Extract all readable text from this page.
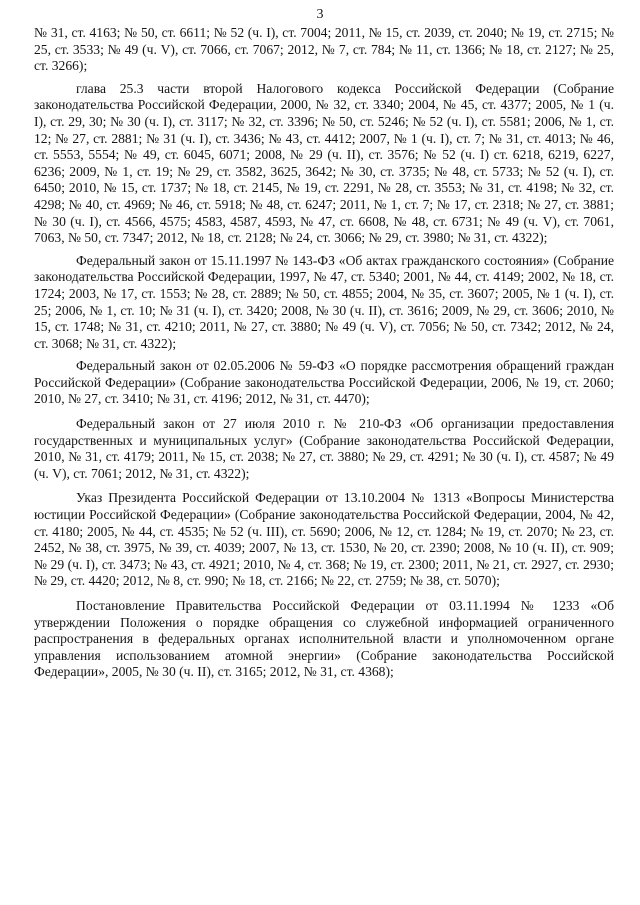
3

№ 31, ст. 4163; № 50, ст. 6611; № 52 (ч. I), ст. 7004; 2011, № 15, ст. 2039, ст. 2040; № 19, ст. 2715; № 25, ст. 3533; № 49 (ч. V), ст. 7066, ст. 7067; 2012, № 7, ст. 784; № 11, ст. 1366; № 18, ст. 2127; № 25, ст. 3266);

глава 25.3 части второй Налогового кодекса Российской Федерации (Собрание законодательства Российской Федерации, 2000, № 32, ст. 3340; 2004, № 45, ст. 4377; 2005, № 1 (ч. I), ст. 29, 30; № 30 (ч. I), ст. 3117; № 32, ст. 3396; № 50, ст. 5246; № 52 (ч. I), ст. 5581; 2006, № 1, ст. 12; № 27, ст. 2881; № 31 (ч. I), ст. 3436; № 43, ст. 4412; 2007, № 1 (ч. I), ст. 7; № 31, ст. 4013; № 46, ст. 5553, 5554; № 49, ст. 6045, 6071; 2008, № 29 (ч. II), ст. 3576; № 52 (ч. I) ст. 6218, 6219, 6227, 6236; 2009, № 1, ст. 19; № 29, ст. 3582, 3625, 3642; № 30, ст. 3735; № 48, ст. 5733; № 52 (ч. I), ст. 6450; 2010, № 15, ст. 1737; № 18, ст. 2145, № 19, ст. 2291, № 28, ст. 3553; № 31, ст. 4198; № 32, ст. 4298; № 40, ст. 4969; № 46, ст. 5918; № 48, ст. 6247; 2011, № 1, ст. 7; № 17, ст. 2318; № 27, ст. 3881; № 30 (ч. I), ст. 4566, 4575; 4583, 4587, 4593, № 47, ст. 6608, № 48, ст. 6731; № 49 (ч. V), ст. 7061, 7063, № 50, ст. 7347; 2012, № 18, ст. 2128; № 24, ст. 3066; № 29, ст. 3980; № 31, ст. 4322);

Федеральный закон от 15.11.1997 № 143-ФЗ «Об актах гражданского состояния» (Собрание законодательства Российской Федерации, 1997, № 47, ст. 5340; 2001, № 44, ст. 4149; 2002, № 18, ст. 1724; 2003, № 17, ст. 1553; № 28, ст. 2889; № 50, ст. 4855; 2004, № 35, ст. 3607; 2005, № 1 (ч. I), ст. 25; 2006, № 1, ст. 10; № 31 (ч. I), ст. 3420; 2008, № 30 (ч. II), ст. 3616; 2009, № 29, ст. 3606; 2010, № 15, ст. 1748; № 31, ст. 4210; 2011, № 27, ст. 3880; № 49 (ч. V), ст. 7056; № 50, ст. 7342; 2012, № 24, ст. 3068; № 31, ст. 4322);

Федеральный закон от 02.05.2006 № 59-ФЗ «О порядке рассмотрения обращений граждан Российской Федерации» (Собрание законодательства Российской Федерации, 2006, № 19, ст. 2060; 2010, № 27, ст. 3410; № 31, ст. 4196; 2012, № 31, ст. 4470);

Федеральный закон от 27 июля 2010 г. № 210-ФЗ «Об организации предоставления государственных и муниципальных услуг» (Собрание законодательства Российской Федерации, 2010, № 31, ст. 4179; 2011, № 15, ст. 2038; № 27, ст. 3880; № 29, ст. 4291; № 30 (ч. I), ст. 4587; № 49 (ч. V), ст. 7061; 2012, № 31, ст. 4322);

Указ Президента Российской Федерации от 13.10.2004 № 1313 «Вопросы Министерства юстиции Российской Федерации» (Собрание законодательства Российской Федерации, 2004, № 42, ст. 4180; 2005, № 44, ст. 4535; № 52 (ч. III), ст. 5690; 2006, № 12, ст. 1284; № 19, ст. 2070; № 23, ст. 2452, № 38, ст. 3975, № 39, ст. 4039; 2007, № 13, ст. 1530, № 20, ст. 2390; 2008, № 10 (ч. II), ст. 909; № 29 (ч. I), ст. 3473; № 43, ст. 4921; 2010, № 4, ст. 368; № 19, ст. 2300; 2011, № 21, ст. 2927, ст. 2930; № 29, ст. 4420; 2012, № 8, ст. 990; № 18, ст. 2166; № 22, ст. 2759; № 38, ст. 5070);

Постановление Правительства Российской Федерации от 03.11.1994 № 1233 «Об утверждении Положения о порядке обращения со служебной информацией ограниченного распространения в федеральных органах исполнительной власти и уполномоченном органе управления использованием атомной энергии» (Собрание законодательства Российской Федерации», 2005, № 30 (ч. II), ст. 3165; 2012, № 31, ст. 4368);
